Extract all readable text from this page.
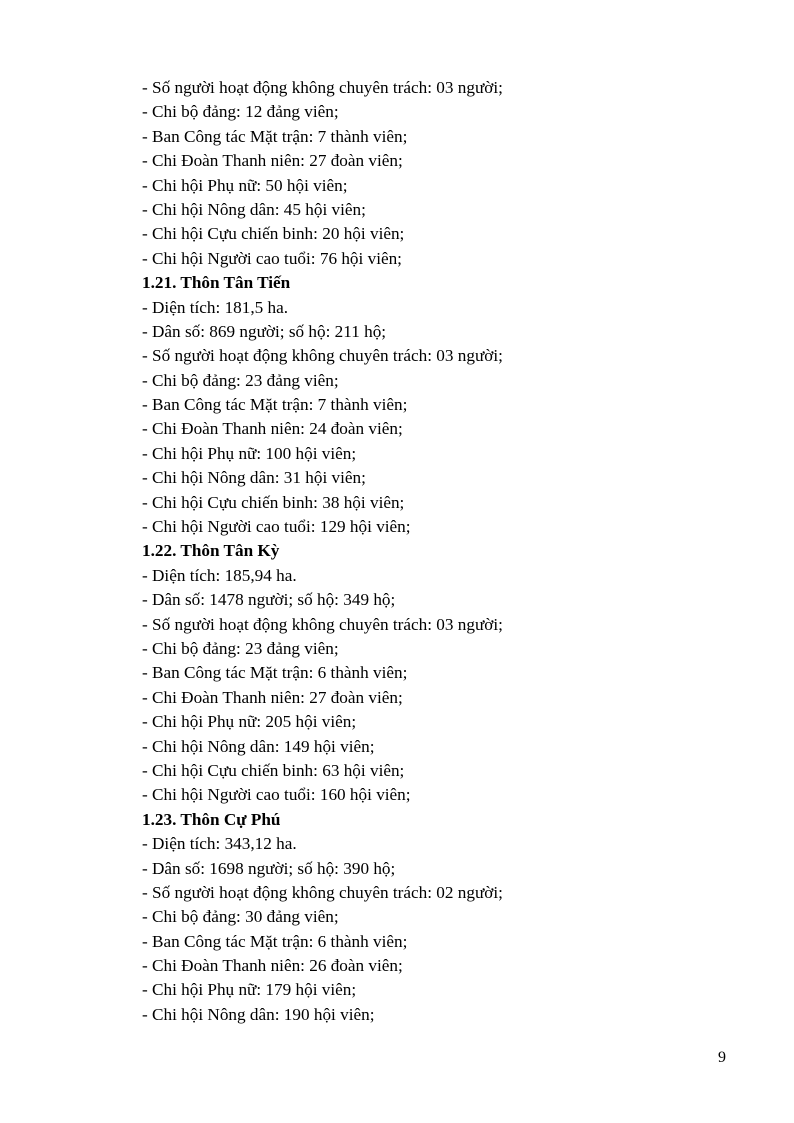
- Số người hoạt động không chuyên trách: 03 người;
- Chi bộ đảng: 12 đảng viên;
- Ban Công tác Mặt trận: 7 thành viên;
- Chi Đoàn Thanh niên: 27 đoàn viên;
- Chi hội Phụ nữ: 50 hội viên;
- Chi hội Nông dân: 45 hội viên;
- Chi hội Cựu chiến binh: 20 hội viên;
- Chi hội Người cao tuổi: 76 hội viên;
1.21. Thôn Tân Tiến
- Diện tích: 181,5 ha.
- Dân số: 869 người; số hộ: 211 hộ;
- Số người hoạt động không chuyên trách: 03 người;
- Chi bộ đảng: 23 đảng viên;
- Ban Công tác Mặt trận: 7 thành viên;
- Chi Đoàn Thanh niên: 24 đoàn viên;
- Chi hội Phụ nữ: 100 hội viên;
- Chi hội Nông dân: 31 hội viên;
- Chi hội Cựu chiến binh: 38 hội viên;
- Chi hội Người cao tuổi: 129 hội viên;
1.22. Thôn Tân Kỳ
- Diện tích: 185,94 ha.
- Dân số: 1478 người; số hộ: 349 hộ;
- Số người hoạt động không chuyên trách: 03 người;
- Chi bộ đảng: 23 đảng viên;
- Ban Công tác Mặt trận: 6 thành viên;
- Chi Đoàn Thanh niên: 27 đoàn viên;
- Chi hội Phụ nữ: 205 hội viên;
- Chi hội Nông dân: 149 hội viên;
- Chi hội Cựu chiến binh: 63 hội viên;
- Chi hội Người cao tuổi: 160 hội viên;
1.23. Thôn Cự Phú
- Diện tích: 343,12 ha.
- Dân số: 1698 người; số hộ: 390 hộ;
- Số người hoạt động không chuyên trách: 02 người;
- Chi bộ đảng: 30 đảng viên;
- Ban Công tác Mặt trận: 6 thành viên;
- Chi Đoàn Thanh niên: 26 đoàn viên;
- Chi hội Phụ nữ: 179 hội viên;
- Chi hội Nông dân: 190 hội viên;
9
